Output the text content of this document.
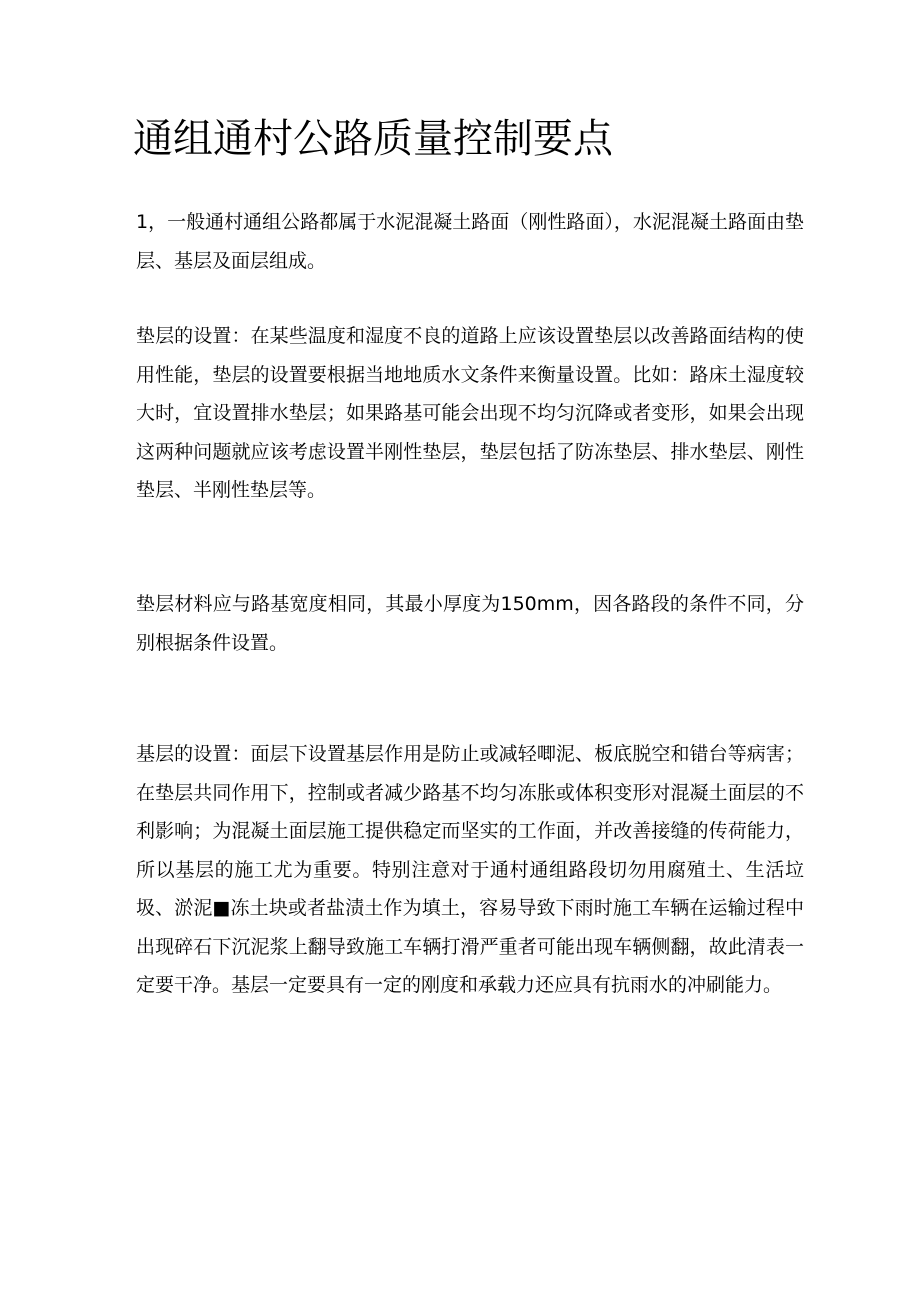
通组通村公路质量控制要点

1，一般通村通组公路都属于水泥混凝土路面（刚性路面），水泥混凝土路面由垫层、基层及面层组成。

垫层的设置：在某些温度和湿度不良的道路上应该设置垫层以改善路面结构的使用性能，垫层的设置要根据当地地质水文条件来衡量设置。比如：路床土湿度较大时，宜设置排水垫层；如果路基可能会出现不均匀沉降或者变形，如果会出现这两种问题就应该考虑设置半刚性垫层，垫层包括了防冻垫层、排水垫层、刚性垫层、半刚性垫层等。

垫层材料应与路基宽度相同，其最小厚度为150mm，因各路段的条件不同，分别根据条件设置。

基层的设置：面层下设置基层作用是防止或减轻唧泥、板底脱空和错台等病害；在垫层共同作用下，控制或者减少路基不均匀冻胀或体积变形对混凝土面层的不利影响；为混凝土面层施工提供稳定而坚实的工作面，并改善接缝的传荷能力，所以基层的施工尤为重要。特别注意对于通村通组路段切勿用腐殖土、生活垃圾、淤泥■冻土块或者盐渍土作为填土，容易导致下雨时施工车辆在运输过程中出现碎石下沉泥浆上翻导致施工车辆打滑严重者可能出现车辆侧翻，故此清表一定要干净。基层一定要具有一定的刚度和承载力还应具有抗雨水的冲刷能力。
